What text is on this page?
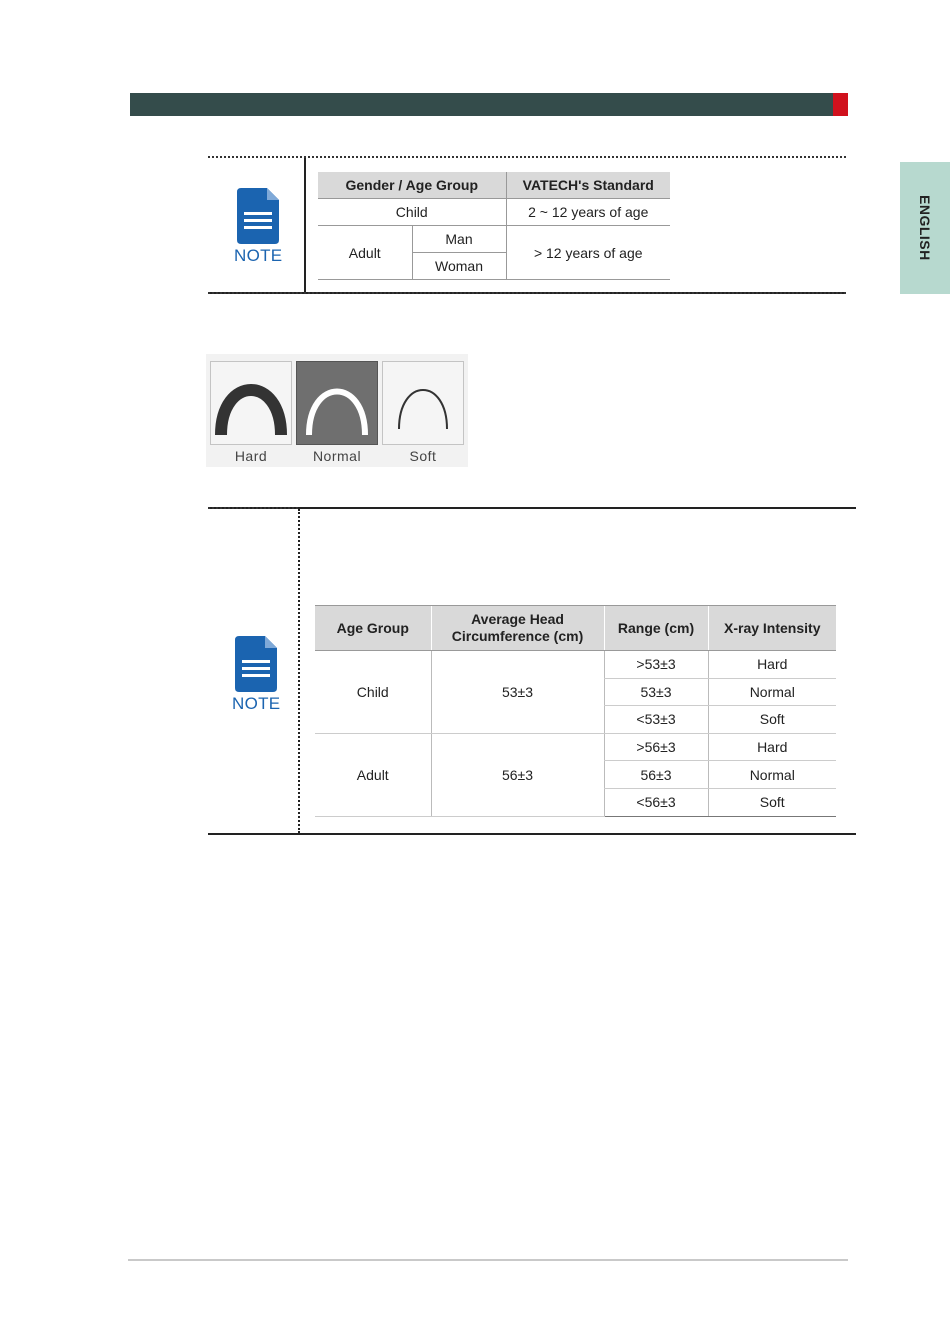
ENGLISH
NOTE
Gender / Age Group		VATECH's Standard
Child		2 ~ 12 years of age
Adult	Man	> 12 years of age
	Woman	
Hard	Normal	Soft
NOTE
Age Group	Average Head Circumference (cm)	Range (cm)	X-ray Intensity
Child	53±3	>53±3	Hard
		53±3	Normal
		<53±3	Soft
Adult	56±3	>56±3	Hard
		56±3	Normal
		<56±3	Soft
